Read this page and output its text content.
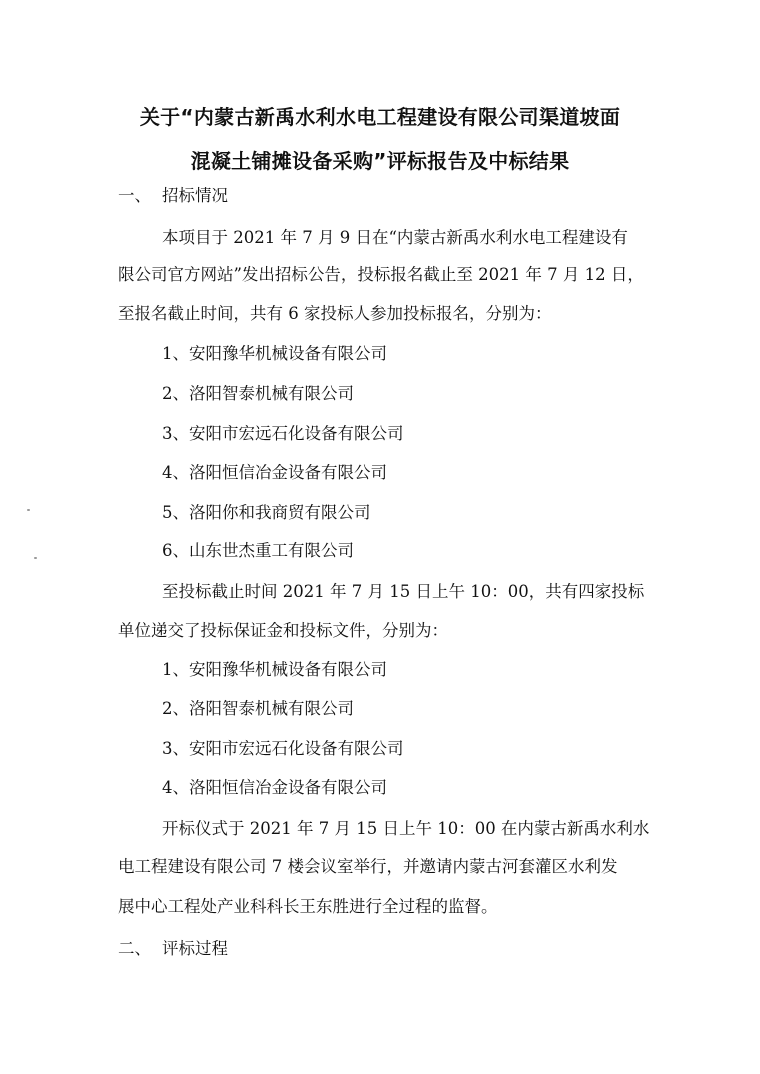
关于“内蒙古新禹水利水电工程建设有限公司渠道坡面
混凝土铺摊设备采购”评标报告及中标结果
一、 招标情况
本项目于 2021 年 7 月 9 日在“内蒙古新禹水利水电工程建设有
限公司官方网站”发出招标公告，投标报名截止至 2021 年 7 月 12 日，
至报名截止时间，共有 6 家投标人参加投标报名，分别为：
1、安阳豫华机械设备有限公司
2、洛阳智泰机械有限公司
3、安阳市宏远石化设备有限公司
4、洛阳恒信冶金设备有限公司
5、洛阳你和我商贸有限公司
6、山东世杰重工有限公司
至投标截止时间 2021 年 7 月 15 日上午 10：00，共有四家投标
单位递交了投标保证金和投标文件，分别为：
1、安阳豫华机械设备有限公司
2、洛阳智泰机械有限公司
3、安阳市宏远石化设备有限公司
4、洛阳恒信冶金设备有限公司
开标仪式于 2021 年 7 月 15 日上午 10：00 在内蒙古新禹水利水
电工程建设有限公司 7 楼会议室举行，并邀请内蒙古河套灌区水利发
展中心工程处产业科科长王东胜进行全过程的监督。
二、 评标过程
